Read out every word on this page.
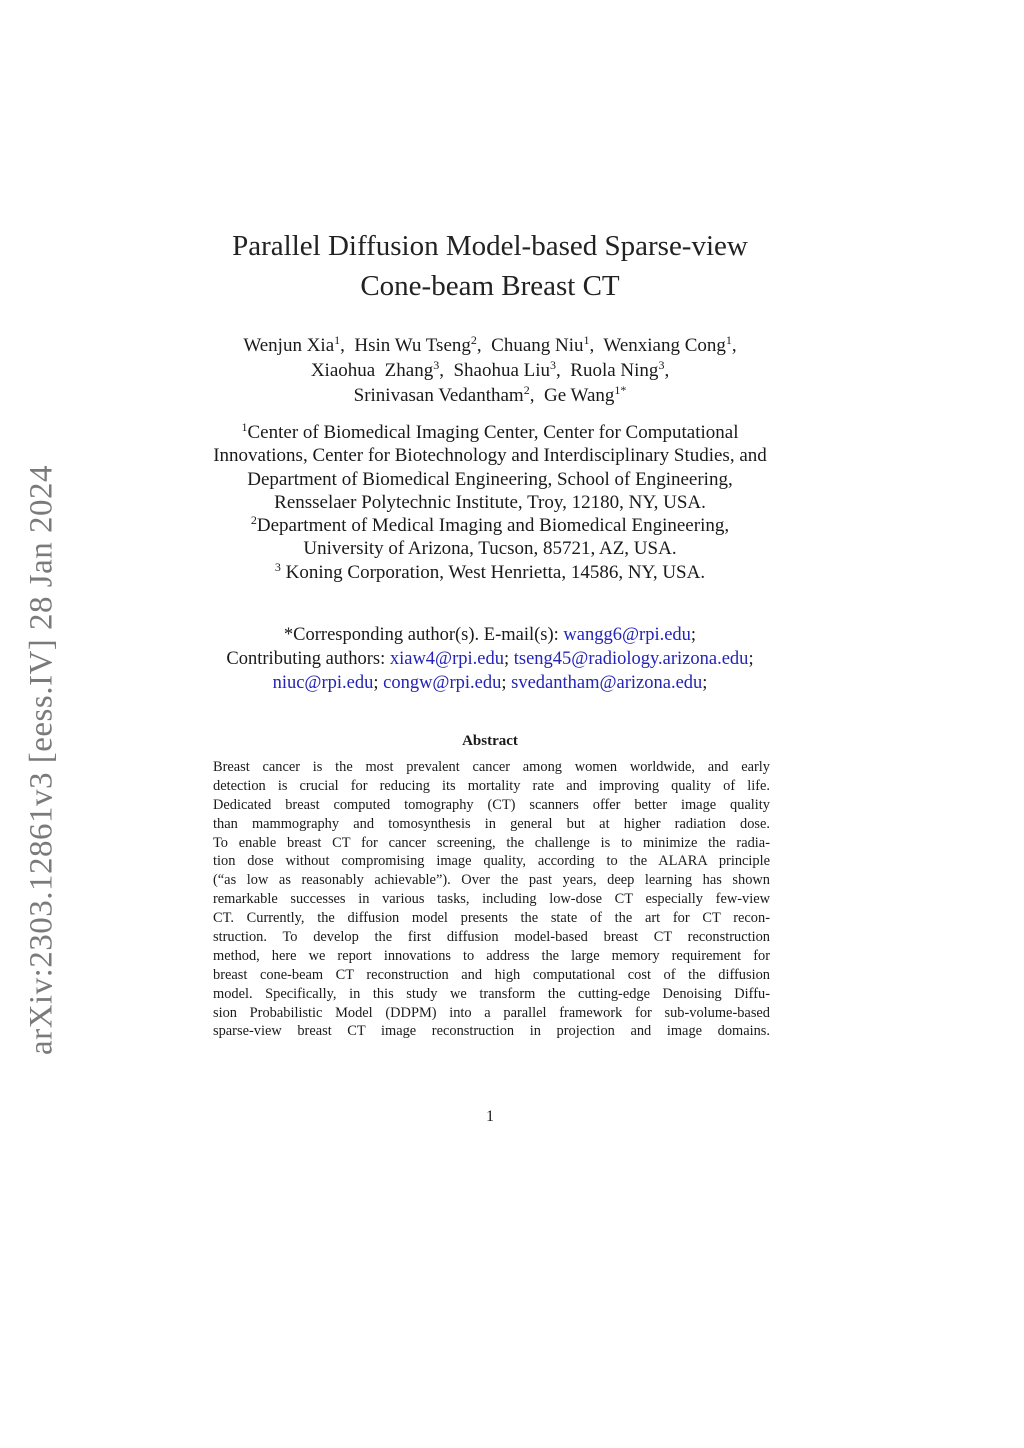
arXiv:2303.12861v3 [eess.IV] 28 Jan 2024
Parallel Diffusion Model-based Sparse-view
Cone-beam Breast CT
Wenjun Xia$^1$,  Hsin Wu Tseng$^2$,  Chuang Niu$^1$,  Wenxiang Cong$^1$,
Xiaohua  Zhang$^3$,  Shaohua Liu$^3$,  Ruola Ning$^3$,
Srinivasan Vedantham$^2$,  Ge Wang$^{1*}$
$^1$Center of Biomedical Imaging Center, Center for Computational
Innovations, Center for Biotechnology and Interdisciplinary Studies, and
Department of Biomedical Engineering, School of Engineering,
Rensselaer Polytechnic Institute, Troy, 12180, NY, USA.
$^2$Department of Medical Imaging and Biomedical Engineering,
University of Arizona, Tucson, 85721, AZ, USA.
$^3$ Koning Corporation, West Henrietta, 14586, NY, USA.
*Corresponding author(s). E-mail(s): wangg6@rpi.edu;
Contributing authors: xiaw4@rpi.edu; tseng45@radiology.arizona.edu;
niuc@rpi.edu; congw@rpi.edu; svedantham@arizona.edu;
Abstract
Breast cancer is the most prevalent cancer among women worldwide, and early
detection is crucial for reducing its mortality rate and improving quality of life.
Dedicated breast computed tomography (CT) scanners offer better image quality
than mammography and tomosynthesis in general but at higher radiation dose.
To enable breast CT for cancer screening, the challenge is to minimize the radia-
tion dose without compromising image quality, according to the ALARA principle
(“as low as reasonably achievable”). Over the past years, deep learning has shown
remarkable successes in various tasks, including low-dose CT especially few-view
CT. Currently, the diffusion model presents the state of the art for CT recon-
struction. To develop the first diffusion model-based breast CT reconstruction
method, here we report innovations to address the large memory requirement for
breast cone-beam CT reconstruction and high computational cost of the diffusion
model. Specifically, in this study we transform the cutting-edge Denoising Diffu-
sion Probabilistic Model (DDPM) into a parallel framework for sub-volume-based
sparse-view breast CT image reconstruction in projection and image domains.
1
